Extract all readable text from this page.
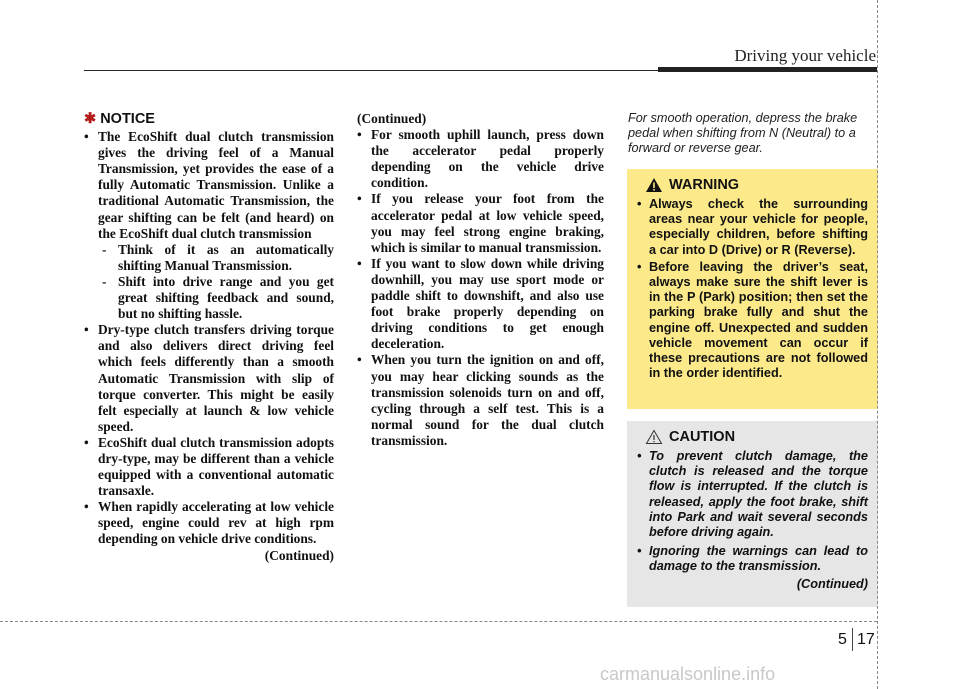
Driving your vehicle
✱ NOTICE
• The EcoShift dual clutch transmission gives the driving feel of a Manual Transmission, yet provides the ease of a fully Automatic Transmission. Unlike a traditional Automatic Transmission, the gear shifting can be felt (and heard) on the EcoShift dual clutch transmission
- Think of it as an automatically shifting Manual Transmission.
- Shift into drive range and you get great shifting feedback and sound, but no shifting hassle.
• Dry-type clutch transfers driving torque and also delivers direct driving feel which feels differently than a smooth Automatic Transmission with slip of torque converter. This might be easily felt especially at launch & low vehicle speed.
• EcoShift dual clutch transmission adopts dry-type, may be different than a vehicle equipped with a conventional automatic transaxle.
• When rapidly accelerating at low vehicle speed, engine could rev at high rpm depending on vehicle drive conditions.
(Continued)
(Continued)
• For smooth uphill launch, press down the accelerator pedal properly depending on the vehicle drive condition.
• If you release your foot from the accelerator pedal at low vehicle speed, you may feel strong engine braking, which is similar to manual transmission.
• If you want to slow down while driving downhill, you may use sport mode or paddle shift to downshift, and also use foot brake properly depending on driving conditions to get enough deceleration.
• When you turn the ignition on and off, you may hear clicking sounds as the transmission solenoids turn on and off, cycling through a self test. This is a normal sound for the dual clutch transmission.
For smooth operation, depress the brake pedal when shifting from N (Neutral) to a forward or reverse gear.
WARNING
• Always check the surrounding areas near your vehicle for people, especially children, before shifting a car into D (Drive) or R (Reverse).
• Before leaving the driver’s seat, always make sure the shift lever is in the P (Park) position; then set the parking brake fully and shut the engine off. Unexpected and sudden vehicle movement can occur if these precautions are not followed in the order identified.
CAUTION
• To prevent clutch damage, the clutch is released and the torque flow is interrupted. If the clutch is released, apply the foot brake, shift into Park and wait several seconds before driving again.
• Ignoring the warnings can lead to damage to the transmission.
(Continued)
5 17
carmanualsonline.info
